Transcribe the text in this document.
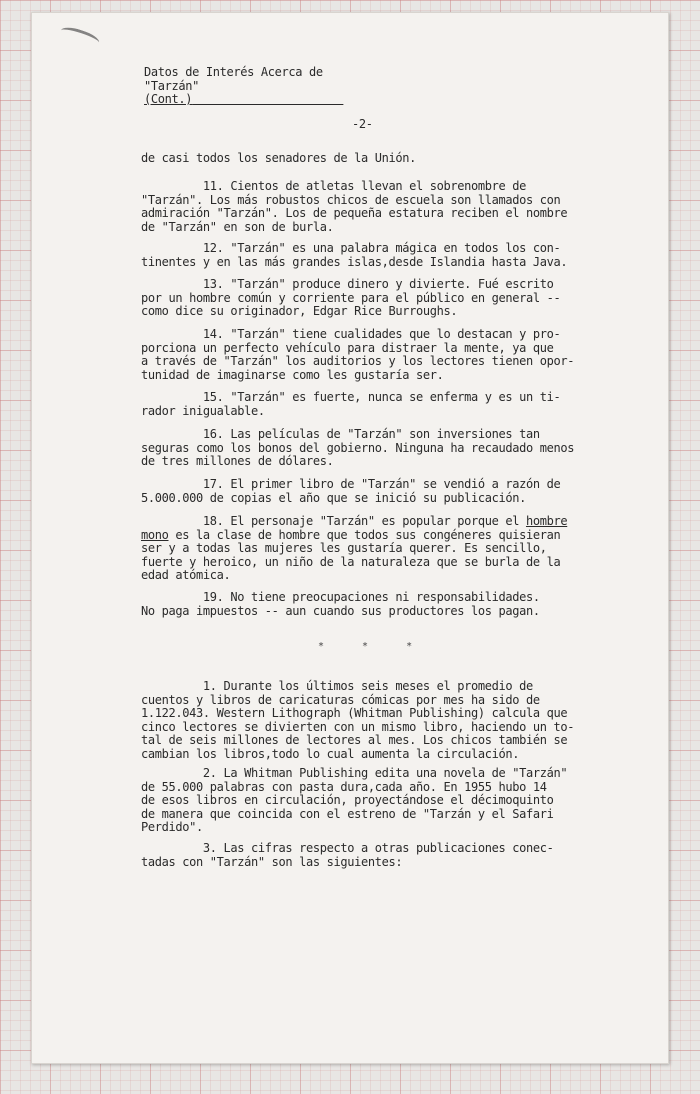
Datos de Interés Acerca de
"Tarzán"
(Cont.)
-2-
de casi todos los senadores de la Unión.
11. Cientos de atletas llevan el sobrenombre de
"Tarzán". Los más robustos chicos de escuela son llamados con
admiración "Tarzán". Los de pequeña estatura reciben el nombre
de "Tarzán" en son de burla.
12. "Tarzán" es una palabra mágica en todos los con-
tinentes y en las más grandes islas,desde Islandia hasta Java.
13. "Tarzán" produce dinero y divierte. Fué escrito
por un hombre común y corriente para el público en general --
como dice su originador, Edgar Rice Burroughs.
14. "Tarzán" tiene cualidades que lo destacan y pro-
porciona un perfecto vehículo para distraer la mente, ya que
a través de "Tarzán" los auditorios y los lectores tienen opor-
tunidad de imaginarse como les gustaría ser.
15. "Tarzán" es fuerte, nunca se enferma y es un ti-
rador inigualable.
16. Las películas de "Tarzán" son inversiones tan
seguras como los bonos del gobierno. Ninguna ha recaudado menos
de tres millones de dólares.
17. El primer libro de "Tarzán" se vendió a razón de
5.000.000 de copias el año que se inició su publicación.
18. El personaje "Tarzán" es popular porque el hombre
mono es la clase de hombre que todos sus congéneres quisieran
ser y a todas las mujeres les gustaría querer. Es sencillo,
fuerte y heroico, un niño de la naturaleza que se burla de la
edad atómica.
19. No tiene preocupaciones ni responsabilidades.
No paga impuestos -- aun cuando sus productores los pagan.
* * *
1. Durante los últimos seis meses el promedio de
cuentos y libros de caricaturas cómicas por mes ha sido de
1.122.043. Western Lithograph (Whitman Publishing) calcula que
cinco lectores se divierten con un mismo libro, haciendo un to-
tal de seis millones de lectores al mes. Los chicos también se
cambian los libros,todo lo cual aumenta la circulación.
2. La Whitman Publishing edita una novela de "Tarzán"
de 55.000 palabras con pasta dura,cada año. En 1955 hubo 14
de esos libros en circulación, proyectándose el décimoquinto
de manera que coincida con el estreno de "Tarzán y el Safari
Perdido".
3. Las cifras respecto a otras publicaciones conec-
tadas con "Tarzán" son las siguientes:
